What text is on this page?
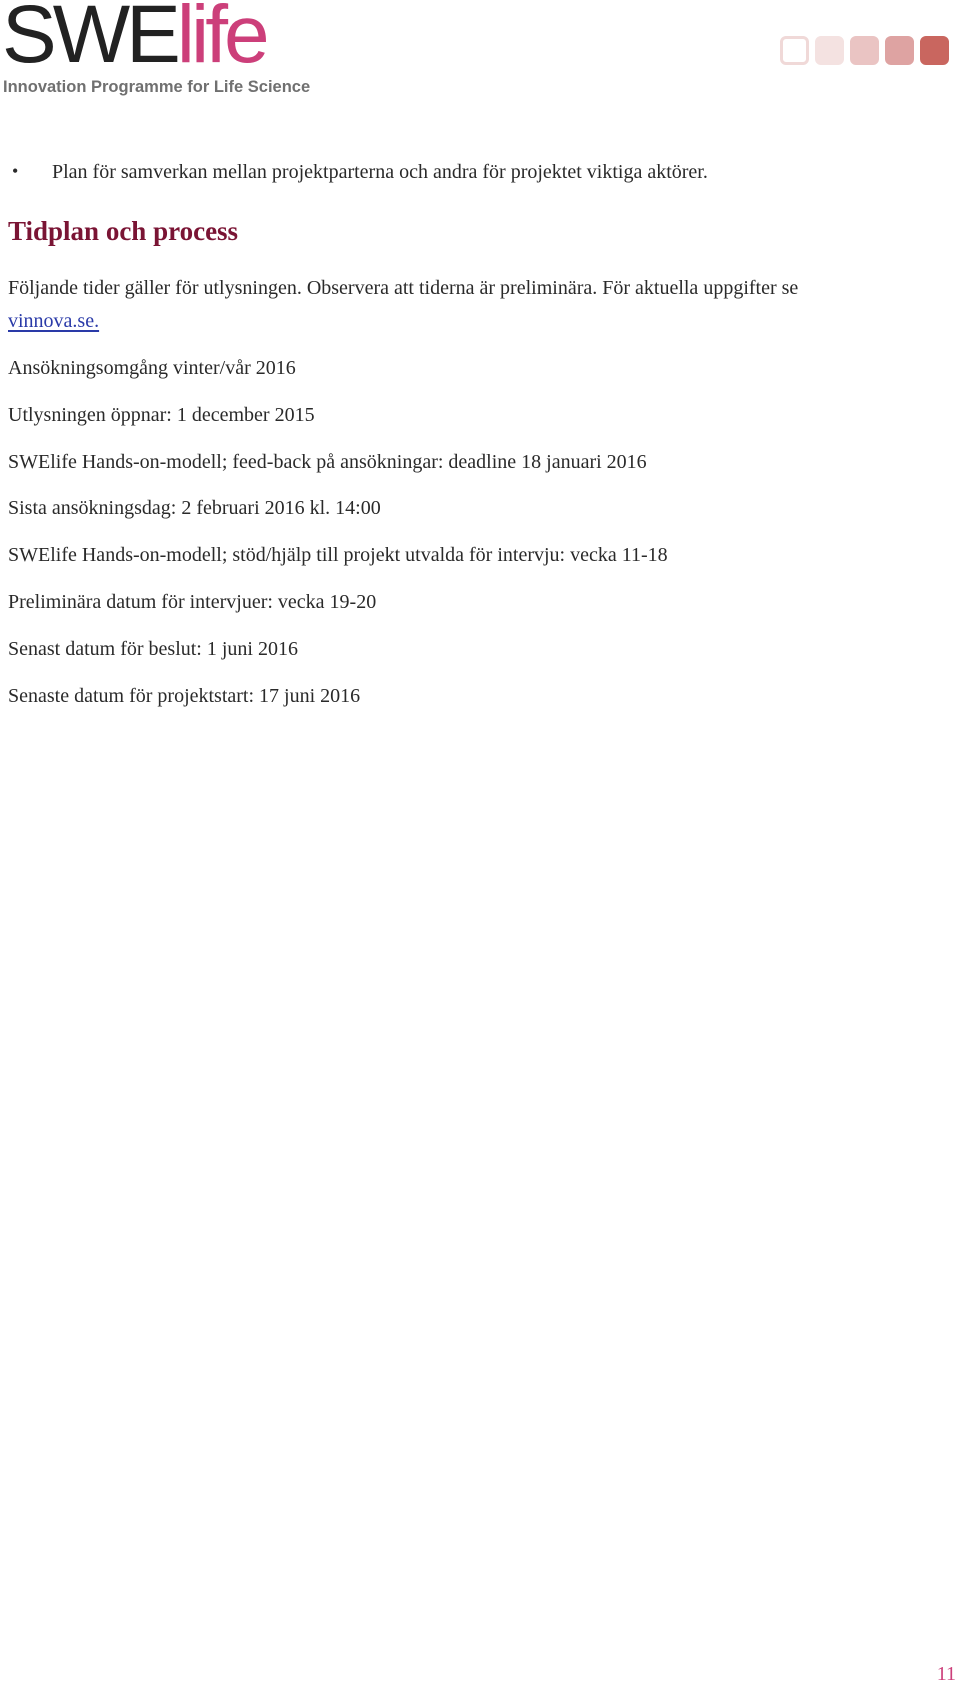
SWElife
Innovation Programme for Life Science
• Plan för samverkan mellan projektparterna och andra för projektet viktiga aktörer.
Tidplan och process
Följande tider gäller för utlysningen. Observera att tiderna är preliminära. För aktuella uppgifter se
vinnova.se.
Ansökningsomgång vinter/vår 2016
Utlysningen öppnar: 1 december 2015
SWElife Hands-on-modell; feed-back på ansökningar: deadline 18 januari 2016
Sista ansökningsdag: 2 februari 2016 kl. 14:00
SWElife Hands-on-modell; stöd/hjälp till projekt utvalda för intervju: vecka 11-18
Preliminära datum för intervjuer: vecka 19-20
Senast datum för beslut: 1 juni 2016
Senaste datum för projektstart: 17 juni 2016
11
